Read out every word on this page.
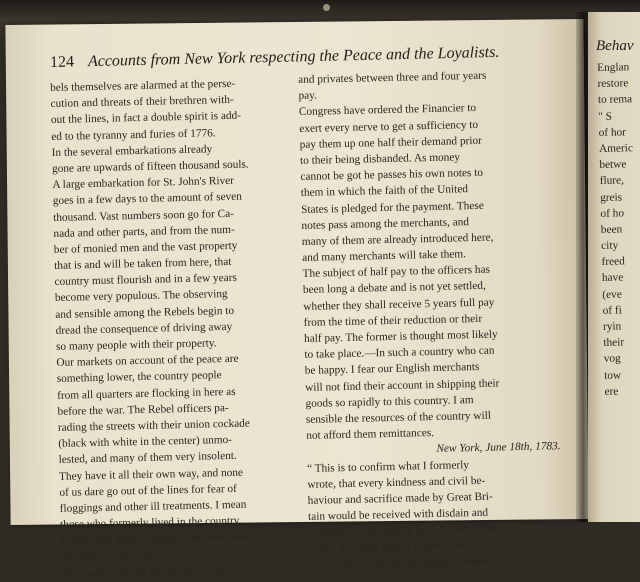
124 Accounts from New York respecting the Peace and the Loyalists.
bels themselves are alarmed at the perse-
cution and threats of their brethren with-
out the lines, in fact a double spirit is add-
ed to the tyranny and furies of 1776.
In the several embarkations already
gone are upwards of fifteen thousand souls.
A large embarkation for St. John's River
goes in a few days to the amount of seven
thousand. Vast numbers soon go for Ca-
nada and other parts, and from the num-
ber of monied men and the vast property
that is and will be taken from here, that
country must flourish and in a few years
become very populous. The observing
and sensible among the Rebels begin to
dread the consequence of driving away
so many people with their property.
Our markets on account of the peace are
something lower, the country people
from all quarters are flocking in here as
before the war. The Rebel officers pa-
rading the streets with their union cockade
(black with white in the center) unmo-
lested, and many of them very insolent.
They have it all their own way, and none
of us dare go out of the lines for fear of
floggings and other ill treatments. I mean
those who formerly lived in the country.
I shall soon depart myself with some other
devoted Loyalists to Nova Scotia.
The packet arrived the day before yes-
and privates between three and four years
pay.
Congress have ordered the Financier to
exert every nerve to get a sufficiency to
pay them up one half their demand prior
to their being disbanded. As money
cannot be got he passes his own notes to
them in which the faith of the United
States is pledged for the payment. These
notes pass among the merchants, and
many of them are already introduced here,
and many merchants will take them.
The subject of half pay to the officers has
been long a debate and is not yet settled,
whether they shall receive 5 years full pay
from the time of their reduction or their
half pay. The former is thought most likely
to take place.—In such a country who can
be happy. I fear our English merchants
will not find their account in shipping their
goods so rapidly to this country. I am
sensible the resources of the country will
not afford them remittances.
New York, June 18th, 1783.
“ This is to confirm what I formerly
wrote, that every kindness and civil be-
haviour and sacrifice made by Great Bri-
tain would be received with disdain and
contempt by the gentry on this side of the
water. You may assure yourself no pro-
perty will be restored during the present
Behav
Englan
restore
to rema
" S
of hor
Americ
betwe
flure,
greis
of ho
been
city
freed
have
(eve
of fi
ryin
their
vog
tow
ere
